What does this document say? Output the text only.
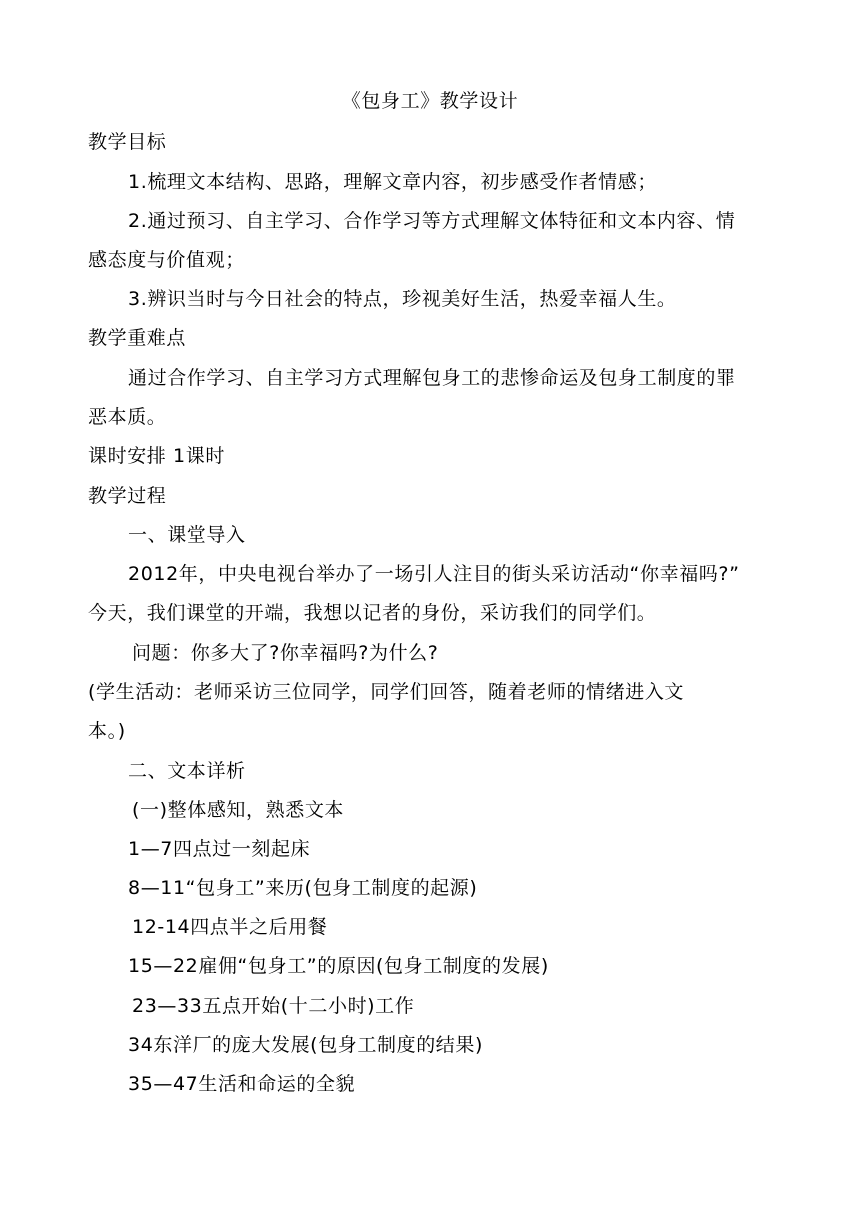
《包身工》教学设计
教学目标
1.梳理文本结构、思路，理解文章内容，初步感受作者情感；
2.通过预习、自主学习、合作学习等方式理解文体特征和文本内容、情
感态度与价值观；
3.辨识当时与今日社会的特点，珍视美好生活，热爱幸福人生。
教学重难点
通过合作学习、自主学习方式理解包身工的悲惨命运及包身工制度的罪
恶本质。
课时安排 1课时
教学过程
一、课堂导入
2012年，中央电视台举办了一场引人注目的街头采访活动“你幸福吗?”
今天，我们课堂的开端，我想以记者的身份，采访我们的同学们。
问题：你多大了?你幸福吗?为什么?
(学生活动：老师采访三位同学，同学们回答，随着老师的情绪进入文
本。)
二、文本详析
(一)整体感知，熟悉文本
1—7四点过一刻起床
8—11“包身工”来历(包身工制度的起源)
12-14四点半之后用餐
15—22雇佣“包身工”的原因(包身工制度的发展)
23—33五点开始(十二小时)工作
34东洋厂的庞大发展(包身工制度的结果)
35—47生活和命运的全貌
